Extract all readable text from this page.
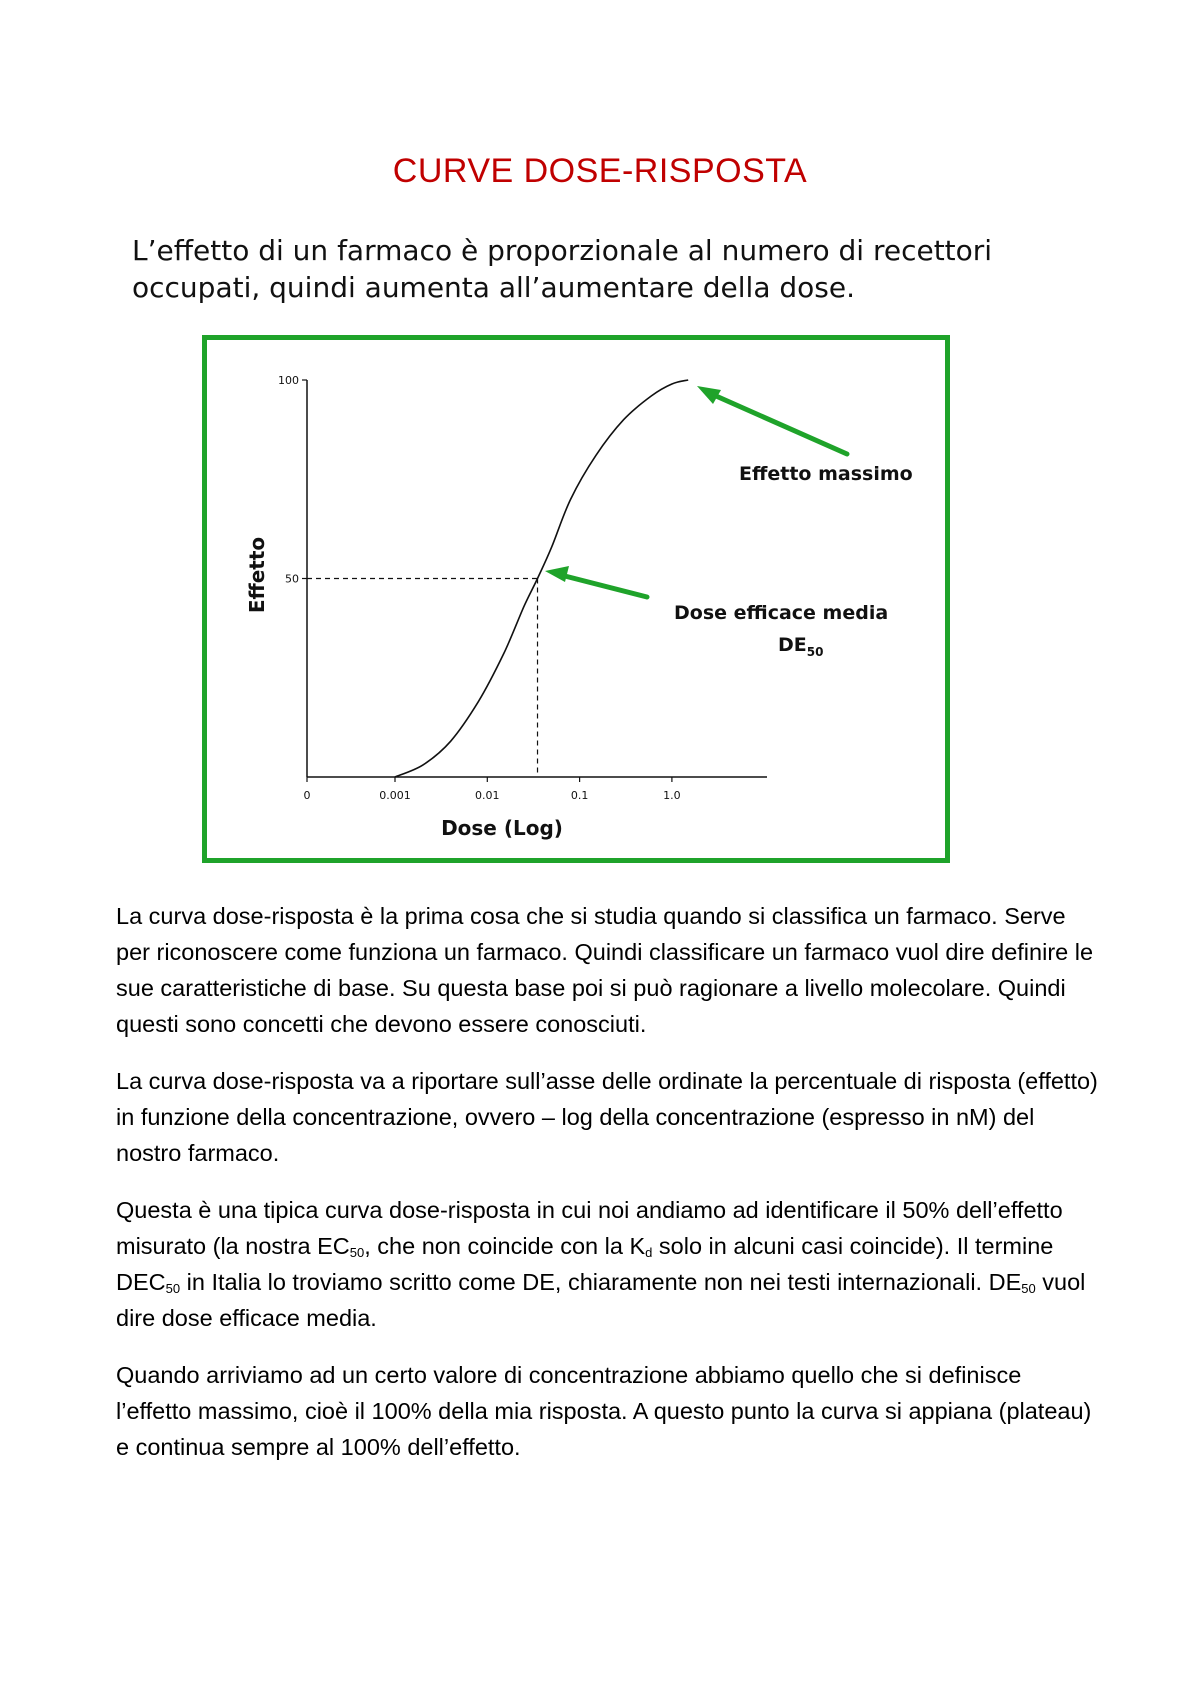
CURVE DOSE-RISPOSTA

L’effetto di un farmaco è proporzionale al numero di recettori occupati, quindi aumenta all’aumentare della dose.

0	0.001	0.01	0.1	1.0
100
50
Effetto
Dose (Log)
Effetto massimo
Dose efficace media
$DE_{50}$

La curva dose-risposta è la prima cosa che si studia quando si classifica un farmaco. Serve per riconoscere come funziona un farmaco. Quindi classificare un farmaco vuol dire definire le sue caratteristiche di base. Su questa base poi si può ragionare a livello molecolare. Quindi questi sono concetti che devono essere conosciuti.

La curva dose-risposta va a riportare sull’asse delle ordinate la percentuale di risposta (effetto) in funzione della concentrazione, ovvero – log della concentrazione (espresso in nM) del nostro farmaco.

Questa è una tipica curva dose-risposta in cui noi andiamo ad identificare il 50% dell’effetto misurato (la nostra $EC_{50}$, che non coincide con la $K_d$ solo in alcuni casi coincide). Il termine $DEC_{50}$ in Italia lo troviamo scritto come DE, chiaramente non nei testi internazionali. $DE_{50}$ vuol dire dose efficace media.

Quando arriviamo ad un certo valore di concentrazione abbiamo quello che si definisce l’effetto massimo, cioè il 100% della mia risposta. A questo punto la curva si appiana (plateau) e continua sempre al 100% dell’effetto.
